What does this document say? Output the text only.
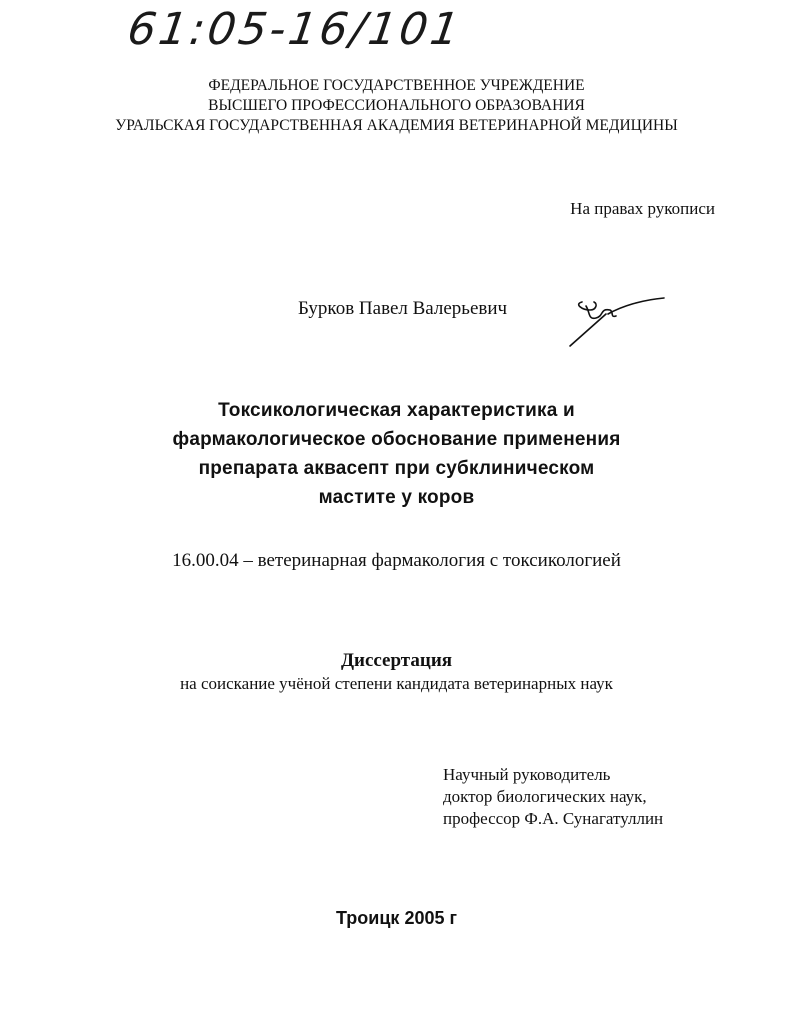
61:05-16/101
ФЕДЕРАЛЬНОЕ ГОСУДАРСТВЕННОЕ УЧРЕЖДЕНИЕ
ВЫСШЕГО ПРОФЕССИОНАЛЬНОГО ОБРАЗОВАНИЯ
УРАЛЬСКАЯ ГОСУДАРСТВЕННАЯ АКАДЕМИЯ ВЕТЕРИНАРНОЙ МЕДИЦИНЫ
На правах рукописи
Бурков Павел Валерьевич
Токсикологическая характеристика и
фармакологическое обоснование применения
препарата аквасепт при субклиническом
мастите у коров
16.00.04 – ветеринарная фармакология с токсикологией
Диссертация
на соискание учёной степени кандидата ветеринарных наук
Научный руководитель
доктор биологических наук,
профессор Ф.А. Сунагатуллин
Троицк 2005 г
